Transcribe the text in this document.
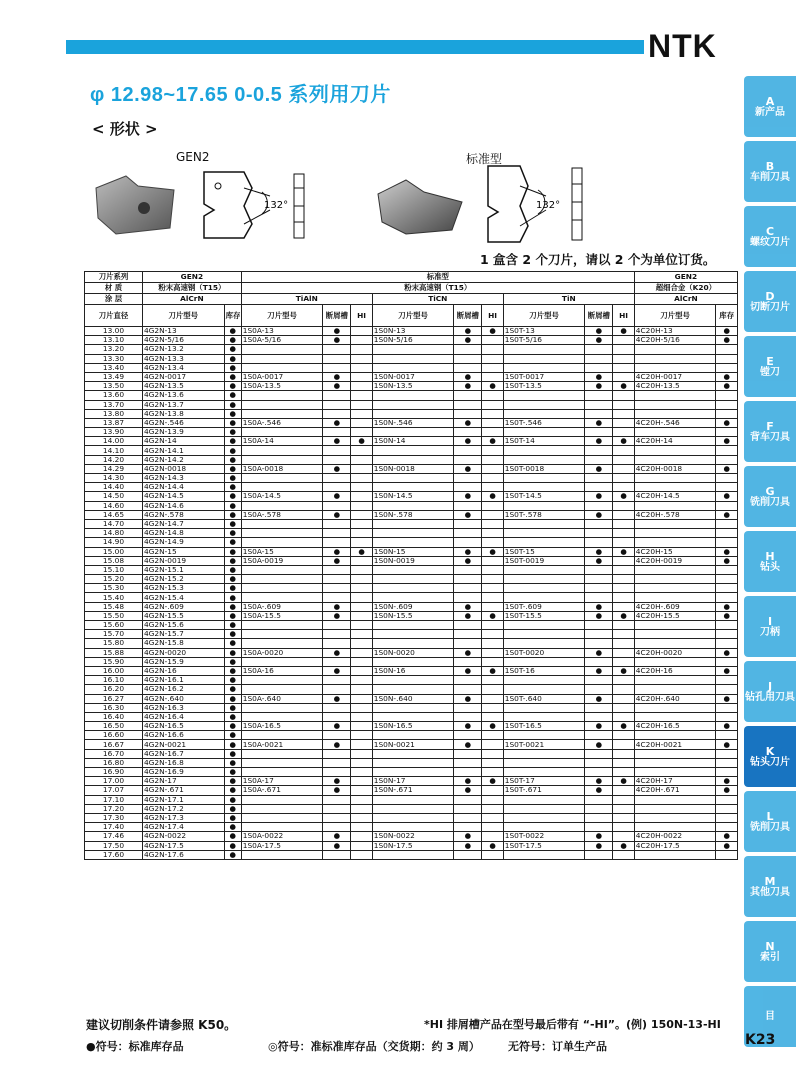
NTK
φ 12.98~17.65 0-0.5 系列用刀片
< 形状 >
GEN2	标准型
132°	132°
1 盒含 2 个刀片，请以 2 个为单位订货。
A
新产品
B
车削刀具
C
螺纹刀片
D
切断刀片
E
镗刀
F
背车刀具
G
铣削刀具
H
钻头
I
刀柄
J
钻孔用刀具
K
钻头刀片
L
铣削刀具
M
其他刀具
N
索引
目
刀片系列	GEN2		标准型									GEN2	
材 质	粉末高速钢（T15）		粉末高速钢（T15）									超细合金（K20）	
涂 层	AlCrN		TiAlN			TiCN			TiN			AlCrN	
刀片直径	刀片型号	库存	刀片型号	断屑槽	HI	刀片型号	断屑槽	HI	刀片型号	断屑槽	HI	刀片型号	库存
13.00	4G2N-13	●	1S0A-13	●		1S0N-13	●	●	1S0T-13	●	●	4C20H-13	●
13.10	4G2N-5/16	●	1S0A-5/16	●		1S0N-5/16	●		1S0T-5/16	●		4C20H-5/16	●
13.20	4G2N-13.2	●											
13.30	4G2N-13.3	●											
13.40	4G2N-13.4	●											
13.49	4G2N-0017	●	1S0A-0017	●		1S0N-0017	●		1S0T-0017	●		4C20H-0017	●
13.50	4G2N-13.5	●	1S0A-13.5	●		1S0N-13.5	●	●	1S0T-13.5	●	●	4C20H-13.5	●
13.60	4G2N-13.6	●											
13.70	4G2N-13.7	●											
13.80	4G2N-13.8	●											
13.87	4G2N-.546	●	1S0A-.546	●		1S0N-.546	●		1S0T-.546	●		4C20H-.546	●
13.90	4G2N-13.9	●											
14.00	4G2N-14	●	1S0A-14	●	●	1S0N-14	●	●	1S0T-14	●	●	4C20H-14	●
14.10	4G2N-14.1	●											
14.20	4G2N-14.2	●											
14.29	4G2N-0018	●	1S0A-0018	●		1S0N-0018	●		1S0T-0018	●		4C20H-0018	●
14.30	4G2N-14.3	●											
14.40	4G2N-14.4	●											
14.50	4G2N-14.5	●	1S0A-14.5	●		1S0N-14.5	●	●	1S0T-14.5	●	●	4C20H-14.5	●
14.60	4G2N-14.6	●											
14.65	4G2N-.578	●	1S0A-.578	●		1S0N-.578	●		1S0T-.578	●		4C20H-.578	●
14.70	4G2N-14.7	●											
14.80	4G2N-14.8	●											
14.90	4G2N-14.9	●											
15.00	4G2N-15	●	1S0A-15	●	●	1S0N-15	●	●	1S0T-15	●	●	4C20H-15	●
15.08	4G2N-0019	●	1S0A-0019	●		1S0N-0019	●		1S0T-0019	●		4C20H-0019	●
15.10	4G2N-15.1	●											
15.20	4G2N-15.2	●											
15.30	4G2N-15.3	●											
15.40	4G2N-15.4	●											
15.48	4G2N-.609	●	1S0A-.609	●		1S0N-.609	●		1S0T-.609	●		4C20H-.609	●
15.50	4G2N-15.5	●	1S0A-15.5	●		1S0N-15.5	●	●	1S0T-15.5	●	●	4C20H-15.5	●
15.60	4G2N-15.6	●											
15.70	4G2N-15.7	●											
15.80	4G2N-15.8	●											
15.88	4G2N-0020	●	1S0A-0020	●		1S0N-0020	●		1S0T-0020	●		4C20H-0020	●
15.90	4G2N-15.9	●											
16.00	4G2N-16	●	1S0A-16	●		1S0N-16	●	●	1S0T-16	●	●	4C20H-16	●
16.10	4G2N-16.1	●											
16.20	4G2N-16.2	●											
16.27	4G2N-.640	●	1S0A-.640	●		1S0N-.640	●		1S0T-.640	●		4C20H-.640	●
16.30	4G2N-16.3	●											
16.40	4G2N-16.4	●											
16.50	4G2N-16.5	●	1S0A-16.5	●		1S0N-16.5	●	●	1S0T-16.5	●	●	4C20H-16.5	●
16.60	4G2N-16.6	●											
16.67	4G2N-0021	●	1S0A-0021	●		1S0N-0021	●		1S0T-0021	●		4C20H-0021	●
16.70	4G2N-16.7	●											
16.80	4G2N-16.8	●											
16.90	4G2N-16.9	●											
17.00	4G2N-17	●	1S0A-17	●		1S0N-17	●	●	1S0T-17	●	●	4C20H-17	●
17.07	4G2N-.671	●	1S0A-.671	●		1S0N-.671	●		1S0T-.671	●		4C20H-.671	●
17.10	4G2N-17.1	●											
17.20	4G2N-17.2	●											
17.30	4G2N-17.3	●											
17.40	4G2N-17.4	●											
17.46	4G2N-0022	●	1S0A-0022	●		1S0N-0022	●		1S0T-0022	●		4C20H-0022	●
17.50	4G2N-17.5	●	1S0A-17.5	●		1S0N-17.5	●	●	1S0T-17.5	●	●	4C20H-17.5	●
17.60	4G2N-17.6	●											
建议切削条件请参照 K50。	*HI 排屑槽产品在型号最后带有 “-HI”。(例) 150N-13-HI
●符号：标准库存品	◎符号：准标准库存品（交货期：约 3 周）	无符号：订单生产品	K23
